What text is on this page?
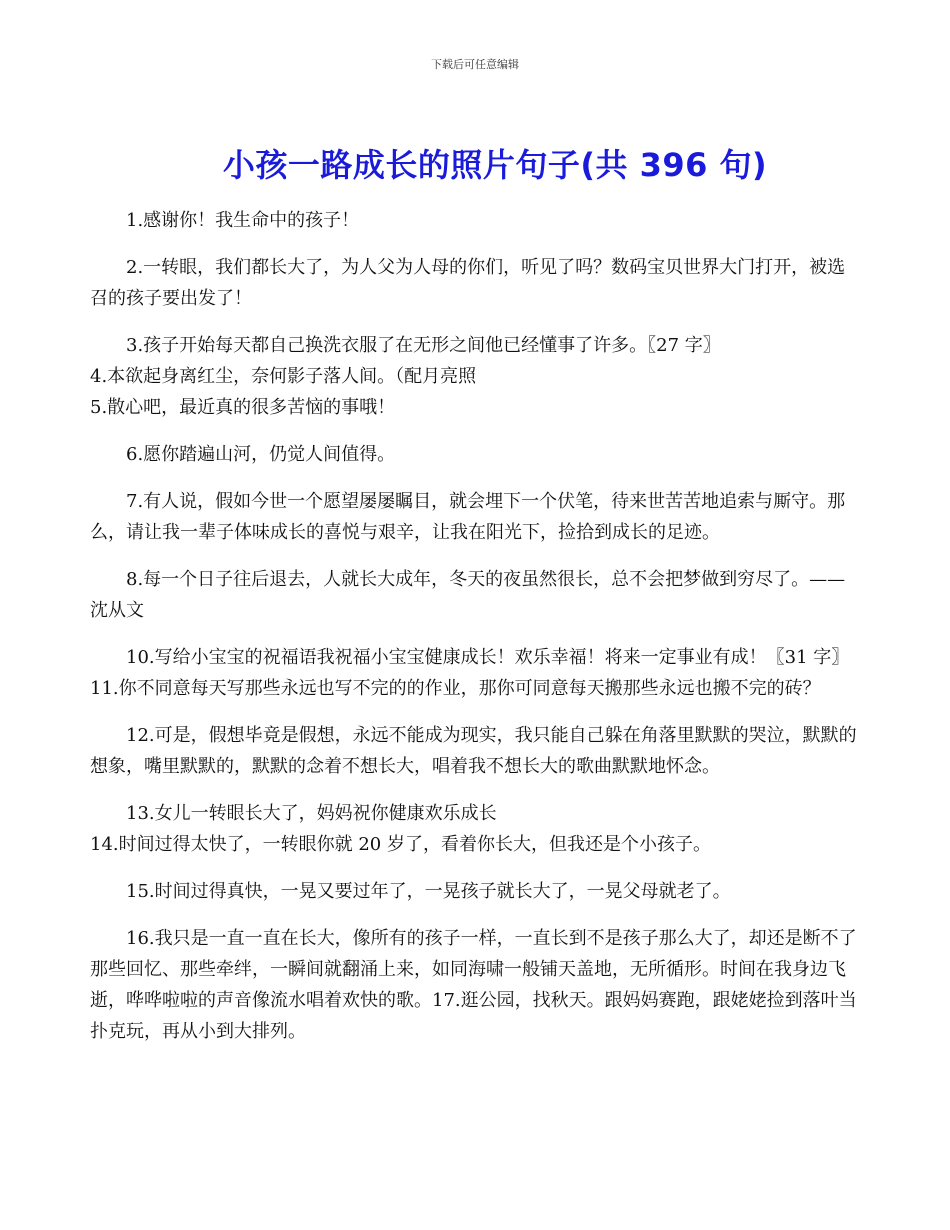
下载后可任意编辑
小孩一路成长的照片句子(共 396 句)

1.感谢你！我生命中的孩子！

2.一转眼，我们都长大了，为人父为人母的你们，听见了吗？数码宝贝世界大门打开，被选召的孩子要出发了！

3.孩子开始每天都自己换洗衣服了在无形之间他已经懂事了许多。〖27 字〗

4.本欲起身离红尘，奈何影子落人间。（配月亮照

5.散心吧，最近真的很多苦恼的事哦！

6.愿你踏遍山河，仍觉人间值得。

7.有人说，假如今世一个愿望屡屡瞩目，就会埋下一个伏笔，待来世苦苦地追索与厮守。那么，请让我一辈子体味成长的喜悦与艰辛，让我在阳光下，捡拾到成长的足迹。

8.每一个日子往后退去，人就长大成年，冬天的夜虽然很长，总不会把梦做到穷尽了。——沈从文

10.写给小宝宝的祝福语我祝福小宝宝健康成长！欢乐幸福！将来一定事业有成！〖31 字〗11.你不同意每天写那些永远也写不完的的作业，那你可同意每天搬那些永远也搬不完的砖？

12.可是，假想毕竟是假想，永远不能成为现实，我只能自己躲在角落里默默的哭泣，默默的想象，嘴里默默的，默默的念着不想长大，唱着我不想长大的歌曲默默地怀念。

13.女儿一转眼长大了，妈妈祝你健康欢乐成长

14.时间过得太快了，一转眼你就 20 岁了，看着你长大，但我还是个小孩子。

15.时间过得真快，一晃又要过年了，一晃孩子就长大了，一晃父母就老了。

16.我只是一直一直在长大，像所有的孩子一样，一直长到不是孩子那么大了，却还是断不了那些回忆、那些牵绊，一瞬间就翻涌上来，如同海啸一般铺天盖地，无所循形。时间在我身边飞逝，哗哗啦啦的声音像流水唱着欢快的歌。17.逛公园，找秋天。跟妈妈赛跑，跟姥姥捡到落叶当扑克玩，再从小到大排列。
